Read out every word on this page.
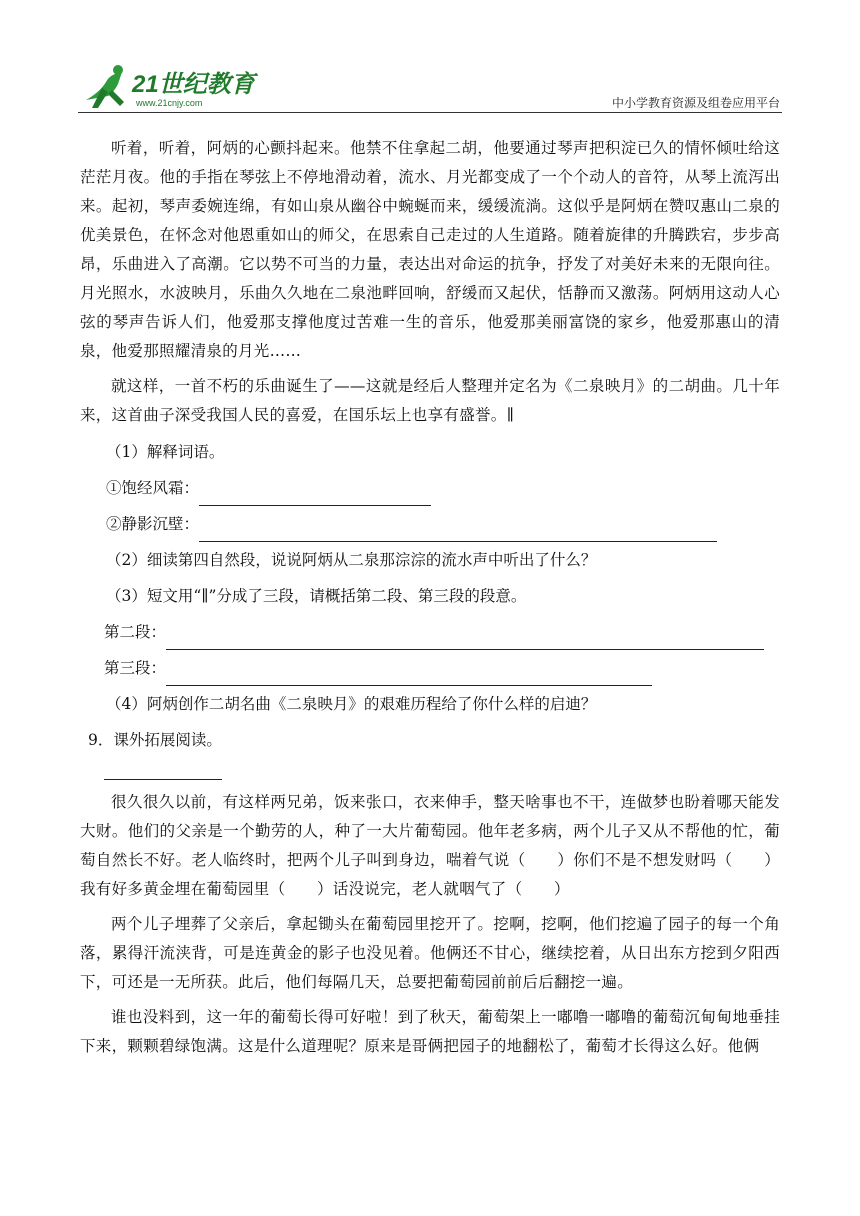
21世纪教育
www.21cnjy.com	中小学教育资源及组卷应用平台

听着，听着，阿炳的心颤抖起来。他禁不住拿起二胡，他要通过琴声把积淀已久的情怀倾吐给这茫茫月夜。他的手指在琴弦上不停地滑动着，流水、月光都变成了一个个动人的音符，从琴上流泻出来。起初，琴声委婉连绵，有如山泉从幽谷中蜿蜒而来，缓缓流淌。这似乎是阿炳在赞叹惠山二泉的优美景色，在怀念对他恩重如山的师父，在思索自己走过的人生道路。随着旋律的升腾跌宕，步步高昂，乐曲进入了高潮。它以势不可当的力量，表达出对命运的抗争，抒发了对美好未来的无限向往。月光照水，水波映月，乐曲久久地在二泉池畔回响，舒缓而又起伏，恬静而又激荡。阿炳用这动人心弦的琴声告诉人们，他爱那支撑他度过苦难一生的音乐，他爱那美丽富饶的家乡，他爱那惠山的清泉，他爱那照耀清泉的月光……

就这样，一首不朽的乐曲诞生了——这就是经后人整理并定名为《二泉映月》的二胡曲。几十年来，这首曲子深受我国人民的喜爱，在国乐坛上也享有盛誉。∥

（1）解释词语。

①饱经风霜：
②静影沉壁：

（2）细读第四自然段，说说阿炳从二泉那淙淙的流水声中听出了什么？

（3）短文用“∥”分成了三段，请概括第二段、第三段的段意。

第二段：
第三段：

（4）阿炳创作二胡名曲《二泉映月》的艰难历程给了你什么样的启迪？

9．课外拓展阅读。

很久很久以前，有这样两兄弟，饭来张口，衣来伸手，整天啥事也不干，连做梦也盼着哪天能发大财。他们的父亲是一个勤劳的人，种了一大片葡萄园。他年老多病，两个儿子又从不帮他的忙，葡萄自然长不好。老人临终时，把两个儿子叫到身边，喘着气说（　　）你们不是不想发财吗（　　）我有好多黄金埋在葡萄园里（　　）话没说完，老人就咽气了（　　）

两个儿子埋葬了父亲后，拿起锄头在葡萄园里挖开了。挖啊，挖啊，他们挖遍了园子的每一个角落，累得汗流浃背，可是连黄金的影子也没见着。他俩还不甘心，继续挖着，从日出东方挖到夕阳西下，可还是一无所获。此后，他们每隔几天，总要把葡萄园前前后后翻挖一遍。

谁也没料到，这一年的葡萄长得可好啦！到了秋天，葡萄架上一嘟噜一嘟噜的葡萄沉甸甸地垂挂下来，颗颗碧绿饱满。这是什么道理呢？原来是哥俩把园子的地翻松了，葡萄才长得这么好。他俩
